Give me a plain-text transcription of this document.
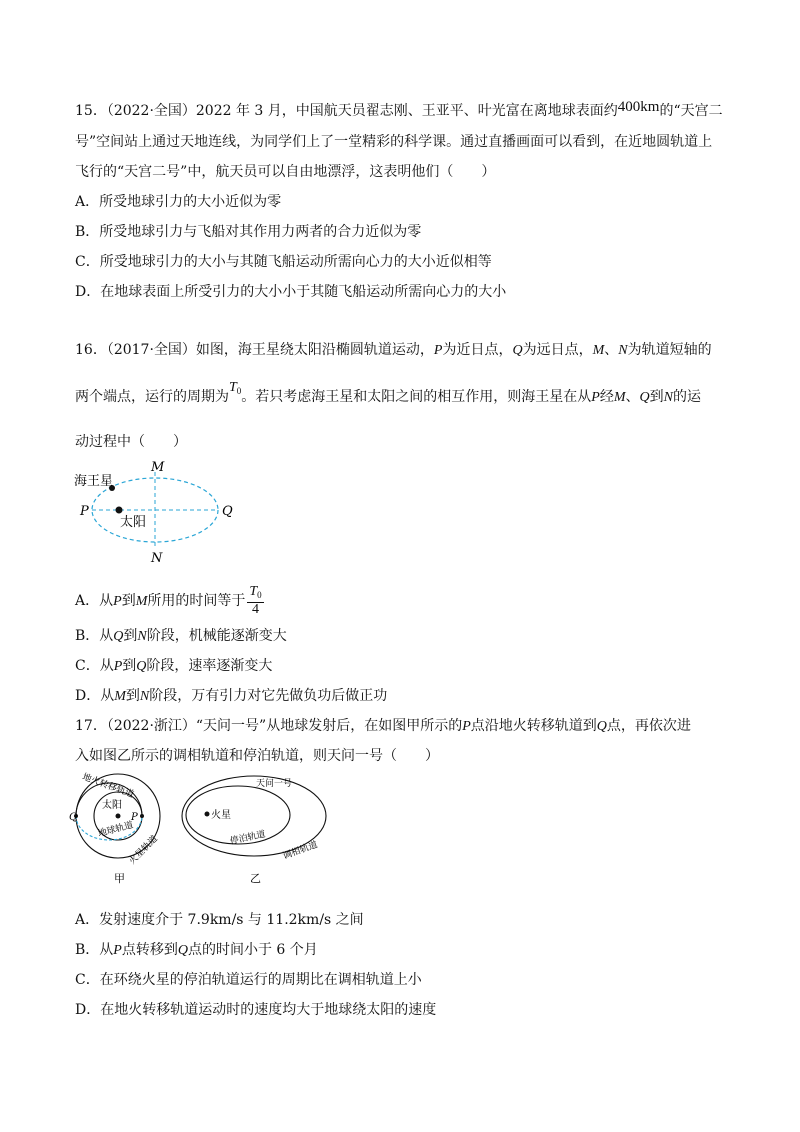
15．（2022·全国）2022 年 3 月，中国航天员翟志刚、王亚平、叶光富在离地球表面约400km的“天宫二
号”空间站上通过天地连线，为同学们上了一堂精彩的科学课。通过直播画面可以看到，在近地圆轨道上
飞行的“天宫二号”中，航天员可以自由地漂浮，这表明他们（　　）
A．所受地球引力的大小近似为零
B．所受地球引力与飞船对其作用力两者的合力近似为零
C．所受地球引力的大小与其随飞船运动所需向心力的大小近似相等
D．在地球表面上所受引力的大小小于其随飞船运动所需向心力的大小
16．（2017·全国）如图，海王星绕太阳沿椭圆轨道运动，P为近日点，Q为远日点，M、N为轨道短轴的
两个端点，运行的周期为$T_0$。若只考虑海王星和太阳之间的相互作用，则海王星在从P经M、Q到N的运
动过程中（　　）
海王星
太阳
P	Q
M
N
A．从P到M所用的时间等于 $\frac{T_0}{4}$
B．从Q到N阶段，机械能逐渐变大
C．从P到Q阶段，速率逐渐变大
D．从M到N阶段，万有引力对它先做负功后做正功
17．（2022·浙江）“天问一号”从地球发射后，在如图甲所示的P点沿地火转移轨道到Q点，再依次进
入如图乙所示的调相轨道和停泊轨道，则天问一号（　　）
太阳
P
Q
地火转移轨道
地球轨道
火星轨道
甲
火星
天问一号
停泊轨道
调相轨道
乙
A．发射速度介于 7.9km/s 与 11.2km/s 之间
B．从P点转移到Q点的时间小于 6 个月
C．在环绕火星的停泊轨道运行的周期比在调相轨道上小
D．在地火转移轨道运动时的速度均大于地球绕太阳的速度
